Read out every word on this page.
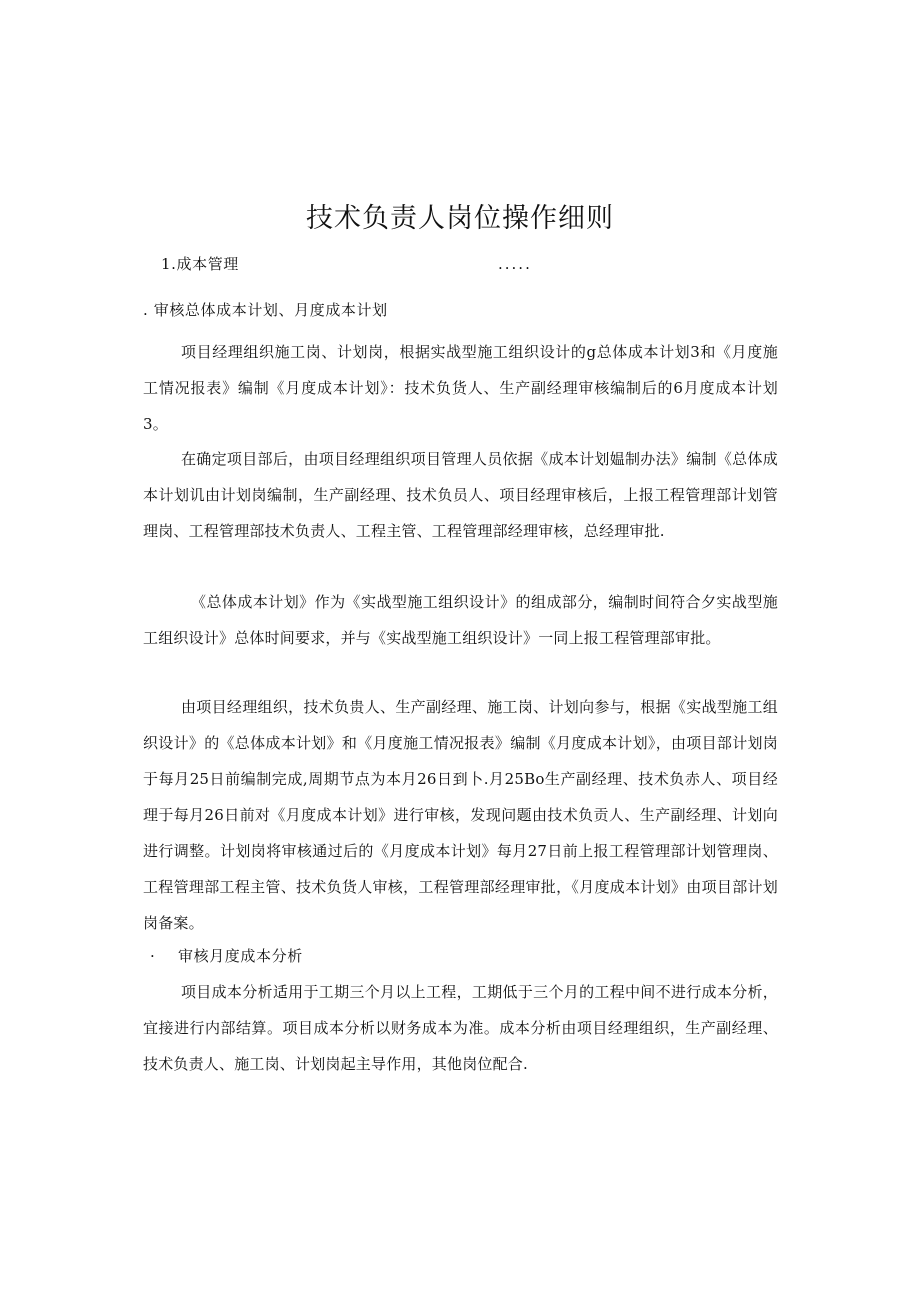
技术负责人岗位操作细则
1.成本管理	.....
. 审核总体成本计划、月度成本计划

项目经理组织施工岗、计划岗，根据实战型施工组织设计的g总体成本计划3和《月度施工情况报表》编制《月度成本计划》：技术负货人、生产副经理审核编制后的6月度成本计划3。

在确定项目部后，由项目经理组织项目管理人员依据《成本计划媪制办法》编制《总体成本计划讥由计划岗编制，生产副经理、技术负员人、项目经理审核后，上报工程管理部计划管理岗、工程管理部技术负责人、工程主管、工程管理部经理审核，总经理审批.

《总体成本计划》作为《实战型施工组织设计》的组成部分，编制时间符合夕实战型施工组织设计》总体时间要求，并与《实战型施工组织设计》一同上报工程管理部审批。

由项目经理组织，技术负贵人、生产副经理、施工岗、计划向参与，根据《实战型施工组织设计》的《总体成本计划》和《月度施工情况报表》编制《月度成本计划》，由项目部计划岗于每月25日前编制完成,周期节点为本月26日到卜.月25Bo生产副经理、技术负赤人、项目经理于每月26日前对《月度成本计划》进行审核，发现问题由技术负贡人、生产副经理、计划向进行调整。计划岗将审核通过后的《月度成本计划》每月27日前上报工程管理部计划管理岗、工程管理部工程主管、技术负货人审核，工程管理部经理审批，《月度成本计划》由项目部计划岗备案。

· 审核月度成本分析

项目成本分析适用于工期三个月以上工程，工期低于三个月的工程中间不进行成本分析，宜接进行内部结算。项目成本分析以财务成本为准。成本分析由项目经理组织，生产副经理、技术负责人、施工岗、计划岗起主导作用，其他岗位配合.
